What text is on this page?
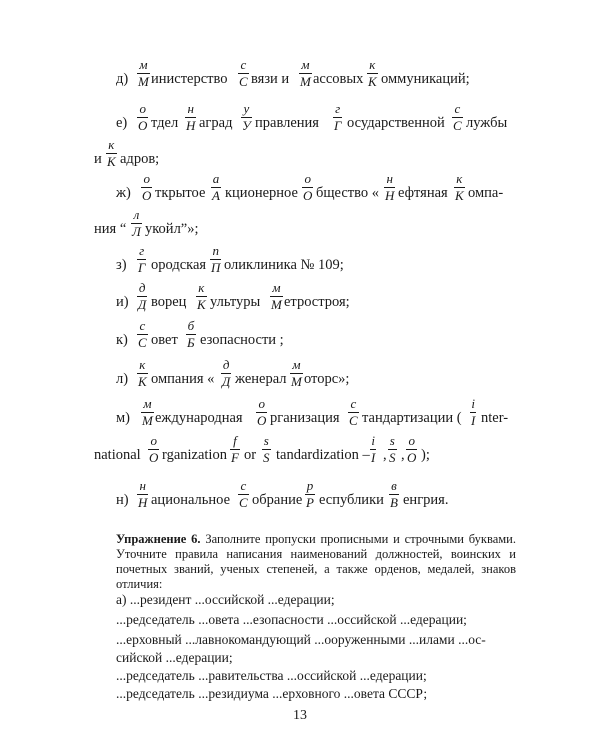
д)
м
М инистерство
с
С вязи и
м
М ассовых
к
К оммуникаций;
е)
о
О тдел
н
Н аград
у
У правления
г
Г осударственной
с
С лужбы
и
к
К адров;
ж)
о
О ткрытое
а
А кционерное
о
О бщество «
н
Н ефтяная
к
К омпа-
ния “
л
Л укойл”»;
з)
г
Г ородская
п
П оликлиника № 109;
и)
д
Д ворец
к
К ультуры
м
М етростроя;
к)
с
С овет
б
Б езопасности ;
л)
к
К омпания «
д
Д женерал
м
М оторс»;
м)
м
М еждународная
о
О рганизация
с
С тандартизации ( $\frac{i}{I}$ nter-
national $\frac{o}{O}$ rganization $\frac{f}{F}$ or $\frac{s}{S}$ tandardization – $\frac{i}{I}$ , $\frac{s}{S}$ , $\frac{o}{O}$ );
н)
н
Н ациональное
с
С обрание
р
Р еспублики
в
В енгрия.
Упражнение 6. Заполните пропуски прописными и строчными буквами. Уточните правила написания наименований должностей, воинских и почетных званий, ученых степеней, а также орденов, медалей, знаков отличия:
а) ...резидент ...оссийской ...едерации;
...редседатель ...овета ...езопасности ...оссийской ...едерации;
...ерховный ...лавнокомандующий ...ооруженными ...илами ...ос-
сийской ...едерации;
...редседатель ...равительства ...оссийской ...едерации;
...редседатель ...резидиума ...ерховного ...овета СССР;
13
